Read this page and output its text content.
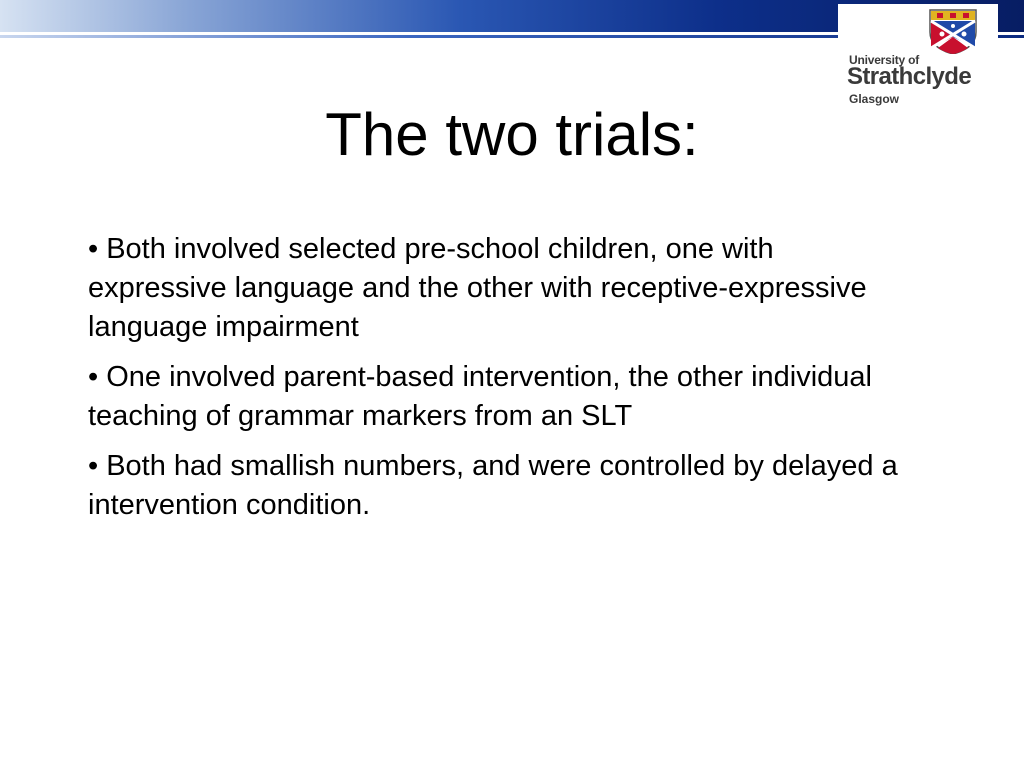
University of
Strathclyde
Glasgow
The two trials:

• Both involved selected pre-school children, one with expressive language and the other with receptive-expressive language impairment

• One involved parent-based intervention, the other individual teaching of grammar markers from an SLT

• Both had smallish numbers, and were controlled by delayed a intervention condition.
